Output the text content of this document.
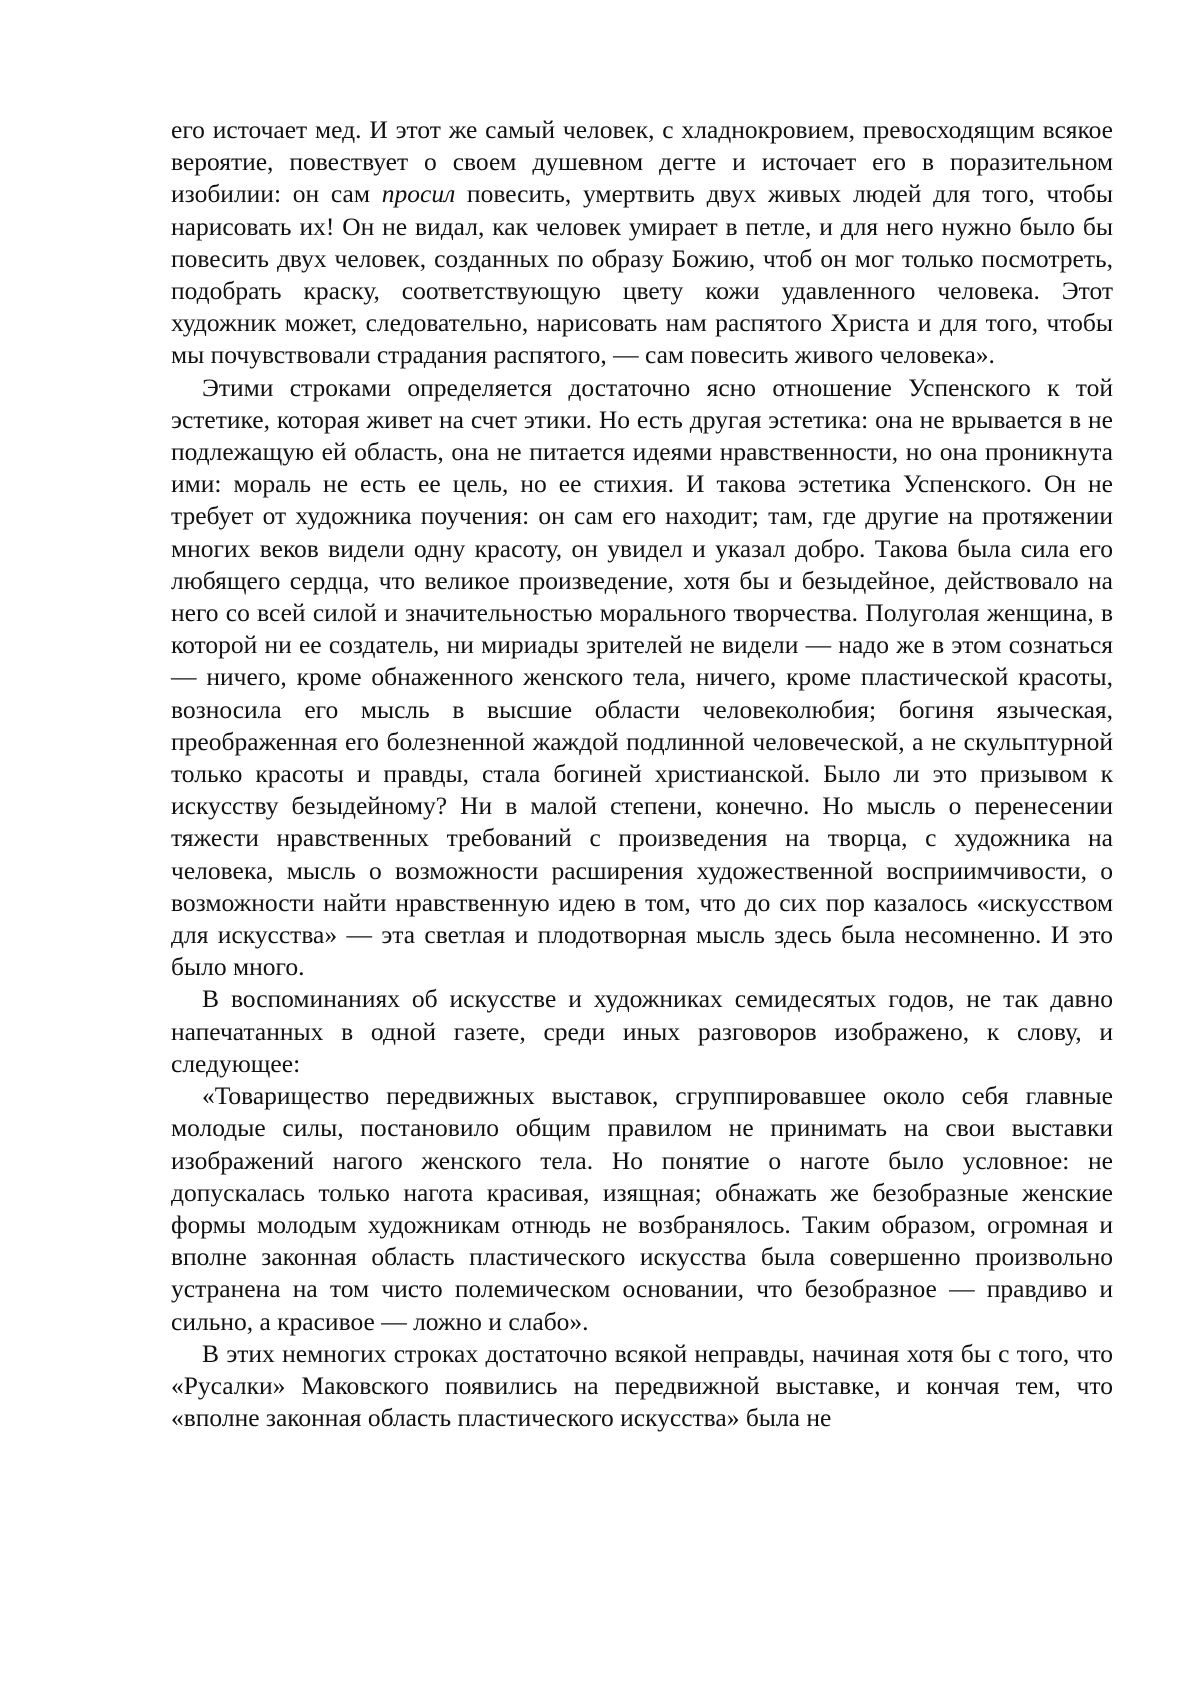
его источает мед. И этот же самый человек, с хладнокровием, превосходящим всякое вероятие, повествует о своем душевном дегте и источает его в поразительном изобилии: он сам просил повесить, умертвить двух живых людей для того, чтобы нарисовать их! Он не видал, как человек умирает в петле, и для него нужно было бы повесить двух человек, созданных по образу Божию, чтоб он мог только посмотреть, подобрать краску, соответствующую цвету кожи удавленного человека. Этот художник может, следовательно, нарисовать нам распятого Христа и для того, чтобы мы почувствовали страдания распятого, — сам повесить живого человека».

Этими строками определяется достаточно ясно отношение Успенского к той эстетике, которая живет на счет этики. Но есть другая эстетика: она не врывается в не подлежащую ей область, она не питается идеями нравственности, но она проникнута ими: мораль не есть ее цель, но ее стихия. И такова эстетика Успенского. Он не требует от художника поучения: он сам его находит; там, где другие на протяжении многих веков видели одну красоту, он увидел и указал добро. Такова была сила его любящего сердца, что великое произведение, хотя бы и безыдейное, действовало на него со всей силой и значительностью морального творчества. Полуголая женщина, в которой ни ее создатель, ни мириады зрителей не видели — надо же в этом сознаться — ничего, кроме обнаженного женского тела, ничего, кроме пластической красоты, возносила его мысль в высшие области человеколюбия; богиня языческая, преображенная его болезненной жаждой подлинной человеческой, а не скульптурной только красоты и правды, стала богиней христианской. Было ли это призывом к искусству безыдейному? Ни в малой степени, конечно. Но мысль о перенесении тяжести нравственных требований с произведения на творца, с художника на человека, мысль о возможности расширения художественной восприимчивости, о возможности найти нравственную идею в том, что до сих пор казалось «искусством для искусства» — эта светлая и плодотворная мысль здесь была несомненно. И это было много.

В воспоминаниях об искусстве и художниках семидесятых годов, не так давно напечатанных в одной газете, среди иных разговоров изображено, к слову, и следующее:

«Товарищество передвижных выставок, сгруппировавшее около себя главные молодые силы, постановило общим правилом не принимать на свои выставки изображений нагого женского тела. Но понятие о наготе было условное: не допускалась только нагота красивая, изящная; обнажать же безобразные женские формы молодым художникам отнюдь не возбранялось. Таким образом, огромная и вполне законная область пластического искусства была совершенно произвольно устранена на том чисто полемическом основании, что безобразное — правдиво и сильно, а красивое — ложно и слабо».

В этих немногих строках достаточно всякой неправды, начиная хотя бы с того, что «Русалки» Маковского появились на передвижной выставке, и кончая тем, что «вполне законная область пластического искусства» была не
